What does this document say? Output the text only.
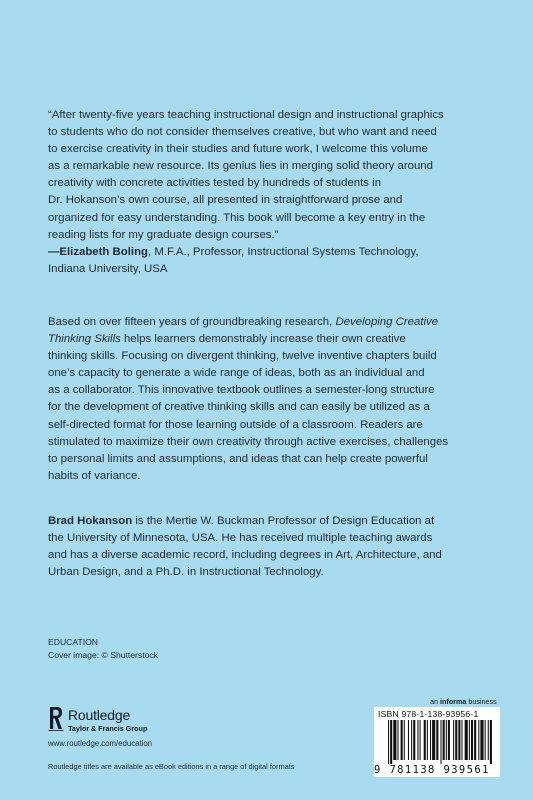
“After twenty-five years teaching instructional design and instructional graphics

to students who do not consider themselves creative, but who want and need

to exercise creativity in their studies and future work, I welcome this volume

as a remarkable new resource. Its genius lies in merging solid theory around

creativity with concrete activities tested by hundreds of students in

Dr. Hokanson’s own course, all presented in straightforward prose and

organized for easy understanding. This book will become a key entry in the

reading lists for my graduate design courses.”

—Elizabeth Boling, M.F.A., Professor, Instructional Systems Technology,

Indiana University, USA

Based on over fifteen years of groundbreaking research, Developing Creative
Thinking Skills helps learners demonstrably increase their own creative
thinking skills. Focusing on divergent thinking, twelve inventive chapters build
one’s capacity to generate a wide range of ideas, both as an individual and
as a collaborator. This innovative textbook outlines a semester-long structure
for the development of creative thinking skills and can easily be utilized as a
self-directed format for those learning outside of a classroom. Readers are
stimulated to maximize their own creativity through active exercises, challenges
to personal limits and assumptions, and ideas that can help create powerful
habits of variance.
Brad Hokanson is the Mertie W. Buckman Professor of Design Education at
the University of Minnesota, USA. He has received multiple teaching awards
and has a diverse academic record, including degrees in Art, Architecture, and
Urban Design, and a Ph.D. in Instructional Technology.
EDUCATION
Cover image: © Shutterstock
Routledge
Taylor & Francis Group
www.routledge.com/education
Routledge titles are available as eBook editions in a range of digital formats
an informa business
ISBN 978-1-138-93956-1
9 781138 939561
